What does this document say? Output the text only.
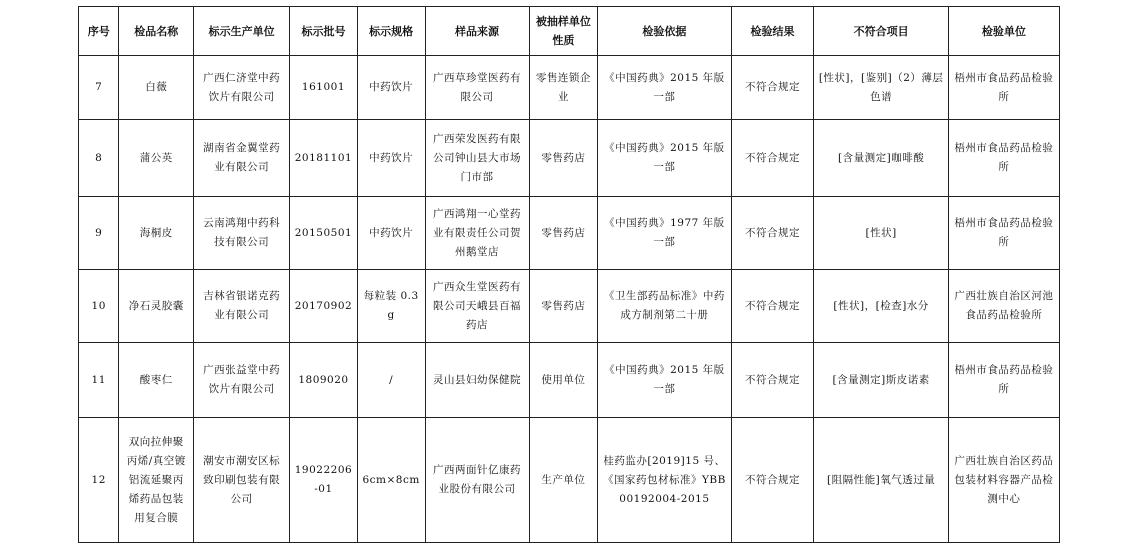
序号	检品名称	标示生产单位	标示批号	标示规格	样品来源	被抽样单位性质	检验依据	检验结果	不符合项目	检验单位
7	白薇	广西仁济堂中药饮片有限公司	161001	中药饮片	广西草珍堂医药有限公司	零售连锁企业	《中国药典》2015 年版一部	不符合规定	[性状]，[鉴别]（2）薄层色谱	梧州市食品药品检验所
8	蒲公英	湖南省金翼堂药业有限公司	20181101	中药饮片	广西荣发医药有限公司钟山县大市场门市部	零售药店	《中国药典》2015 年版一部	不符合规定	[含量测定]咖啡酸	梧州市食品药品检验所
9	海桐皮	云南鸿翔中药科技有限公司	20150501	中药饮片	广西鸿翔一心堂药业有限责任公司贺州鹅堂店	零售药店	《中国药典》1977 年版一部	不符合规定	[性状]	梧州市食品药品检验所
10	净石灵胶囊	吉林省银诺克药业有限公司	20170902	每粒装 0.3g	广西众生堂医药有限公司天峨县百福药店	零售药店	《卫生部药品标准》中药成方制剂第二十册	不符合规定	[性状]，[检查]水分	广西壮族自治区河池食品药品检验所
11	酸枣仁	广西张益堂中药饮片有限公司	1809020	/	灵山县妇幼保健院	使用单位	《中国药典》2015 年版一部	不符合规定	[含量测定]斯皮诺素	梧州市食品药品检验所
12	双向拉伸聚丙烯/真空镀铝流延聚丙烯药品包装用复合膜	潮安市潮安区标致印刷包装有限公司	19022206-01	6cm×8cm	广西两面针亿康药业股份有限公司	生产单位	桂药监办[2019]15 号、《国家药包材标准》YBB00192004-2015	不符合规定	[阻隔性能]氧气透过量	广西壮族自治区药品包装材料容器产品检测中心
